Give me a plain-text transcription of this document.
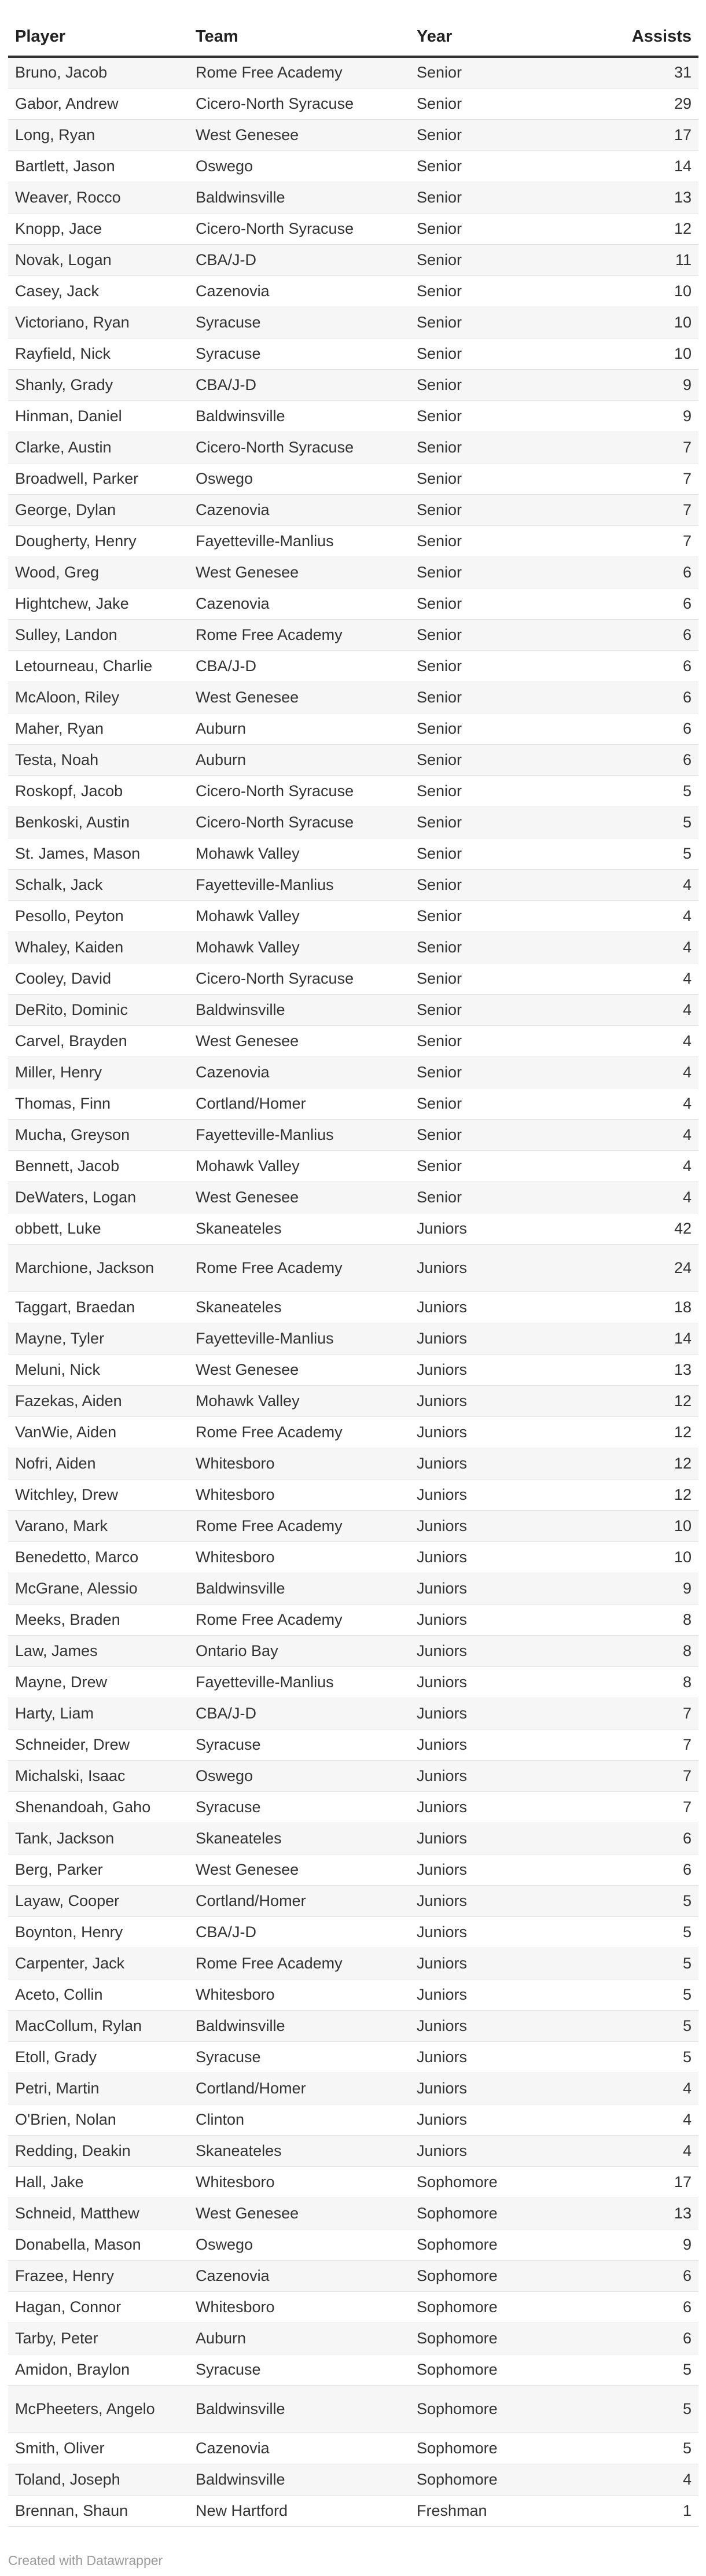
Player	Team	Year	Assists
Bruno, Jacob	Rome Free Academy	Senior	31
Gabor, Andrew	Cicero-North Syracuse	Senior	29
Long, Ryan	West Genesee	Senior	17
Bartlett, Jason	Oswego	Senior	14
Weaver, Rocco	Baldwinsville	Senior	13
Knopp, Jace	Cicero-North Syracuse	Senior	12
Novak, Logan	CBA/J-D	Senior	11
Casey, Jack	Cazenovia	Senior	10
Victoriano, Ryan	Syracuse	Senior	10
Rayfield, Nick	Syracuse	Senior	10
Shanly, Grady	CBA/J-D	Senior	9
Hinman, Daniel	Baldwinsville	Senior	9
Clarke, Austin	Cicero-North Syracuse	Senior	7
Broadwell, Parker	Oswego	Senior	7
George, Dylan	Cazenovia	Senior	7
Dougherty, Henry	Fayetteville-Manlius	Senior	7
Wood, Greg	West Genesee	Senior	6
Hightchew, Jake	Cazenovia	Senior	6
Sulley, Landon	Rome Free Academy	Senior	6
Letourneau, Charlie	CBA/J-D	Senior	6
McAloon, Riley	West Genesee	Senior	6
Maher, Ryan	Auburn	Senior	6
Testa, Noah	Auburn	Senior	6
Roskopf, Jacob	Cicero-North Syracuse	Senior	5
Benkoski, Austin	Cicero-North Syracuse	Senior	5
St. James, Mason	Mohawk Valley	Senior	5
Schalk, Jack	Fayetteville-Manlius	Senior	4
Pesollo, Peyton	Mohawk Valley	Senior	4
Whaley, Kaiden	Mohawk Valley	Senior	4
Cooley, David	Cicero-North Syracuse	Senior	4
DeRito, Dominic	Baldwinsville	Senior	4
Carvel, Brayden	West Genesee	Senior	4
Miller, Henry	Cazenovia	Senior	4
Thomas, Finn	Cortland/Homer	Senior	4
Mucha, Greyson	Fayetteville-Manlius	Senior	4
Bennett, Jacob	Mohawk Valley	Senior	4
DeWaters, Logan	West Genesee	Senior	4
obbett, Luke	Skaneateles	Juniors	42
Marchione, Jackson	Rome Free Academy	Juniors	24
Taggart, Braedan	Skaneateles	Juniors	18
Mayne, Tyler	Fayetteville-Manlius	Juniors	14
Meluni, Nick	West Genesee	Juniors	13
Fazekas, Aiden	Mohawk Valley	Juniors	12
VanWie, Aiden	Rome Free Academy	Juniors	12
Nofri, Aiden	Whitesboro	Juniors	12
Witchley, Drew	Whitesboro	Juniors	12
Varano, Mark	Rome Free Academy	Juniors	10
Benedetto, Marco	Whitesboro	Juniors	10
McGrane, Alessio	Baldwinsville	Juniors	9
Meeks, Braden	Rome Free Academy	Juniors	8
Law, James	Ontario Bay	Juniors	8
Mayne, Drew	Fayetteville-Manlius	Juniors	8
Harty, Liam	CBA/J-D	Juniors	7
Schneider, Drew	Syracuse	Juniors	7
Michalski, Isaac	Oswego	Juniors	7
Shenandoah, Gaho	Syracuse	Juniors	7
Tank, Jackson	Skaneateles	Juniors	6
Berg, Parker	West Genesee	Juniors	6
Layaw, Cooper	Cortland/Homer	Juniors	5
Boynton, Henry	CBA/J-D	Juniors	5
Carpenter, Jack	Rome Free Academy	Juniors	5
Aceto, Collin	Whitesboro	Juniors	5
MacCollum, Rylan	Baldwinsville	Juniors	5
Etoll, Grady	Syracuse	Juniors	5
Petri, Martin	Cortland/Homer	Juniors	4
O'Brien, Nolan	Clinton	Juniors	4
Redding, Deakin	Skaneateles	Juniors	4
Hall, Jake	Whitesboro	Sophomore	17
Schneid, Matthew	West Genesee	Sophomore	13
Donabella, Mason	Oswego	Sophomore	9
Frazee, Henry	Cazenovia	Sophomore	6
Hagan, Connor	Whitesboro	Sophomore	6
Tarby, Peter	Auburn	Sophomore	6
Amidon, Braylon	Syracuse	Sophomore	5
McPheeters, Angelo	Baldwinsville	Sophomore	5
Smith, Oliver	Cazenovia	Sophomore	5
Toland, Joseph	Baldwinsville	Sophomore	4
Brennan, Shaun	New Hartford	Freshman	1
Created with Datawrapper
